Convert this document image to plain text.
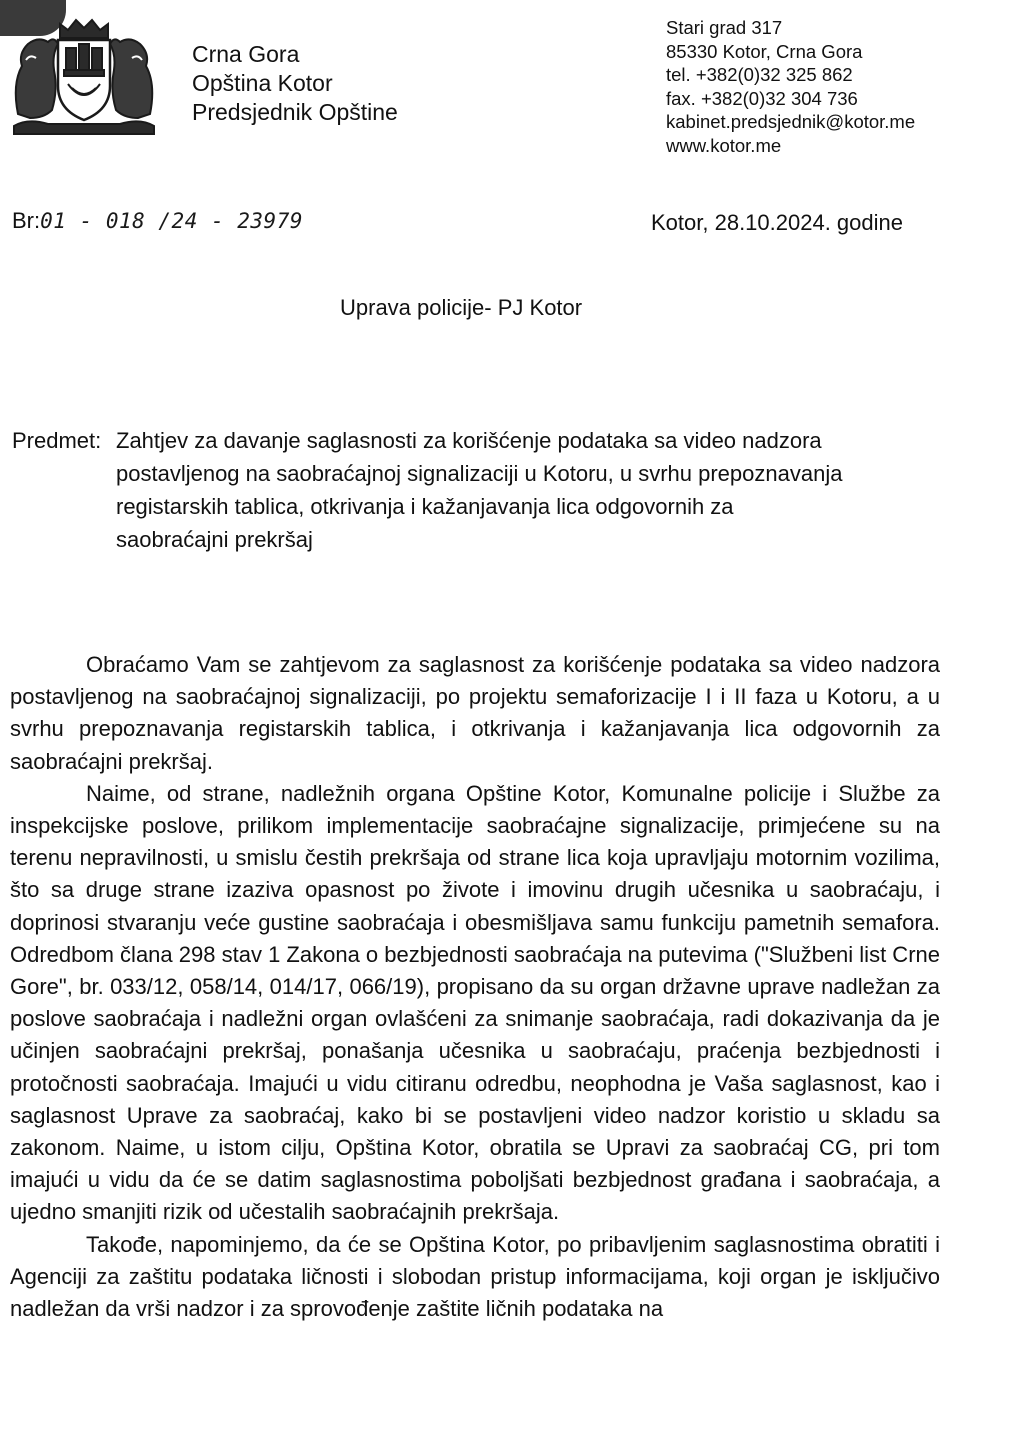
Crna Gora
Opština Kotor
Predsjednik Opštine
Stari grad 317
85330 Kotor, Crna Gora
tel. +382(0)32 325 862
fax. +382(0)32 304 736
kabinet.predsjednik@kotor.me
www.kotor.me
Br:01 - 018 /24 - 23979	Kotor, 28.10.2024. godine
Uprava policije- PJ Kotor
Predmet: Zahtjev za davanje saglasnosti za korišćenje podataka sa video nadzora
postavljenog na saobraćajnoj signalizaciji u Kotoru, u svrhu prepoznavanja
registarskih tablica, otkrivanja i kažanjavanja lica odgovornih za
saobraćajni prekršaj

Obraćamo Vam se zahtjevom za saglasnost za korišćenje podataka sa video nadzora postavljenog na saobraćajnoj signalizaciji, po projektu semaforizacije I i II faza u Kotoru, a u svrhu prepoznavanja registarskih tablica, i otkrivanja i kažanjavanja lica odgovornih za saobraćajni prekršaj.

Naime, od strane, nadležnih organa Opštine Kotor, Komunalne policije i Službe za inspekcijske poslove, prilikom implementacije saobraćajne signalizacije, primjećene su na terenu nepravilnosti, u smislu čestih prekršaja od strane lica koja upravljaju motornim vozilima, što sa druge strane izaziva opasnost po živote i imovinu drugih učesnika u saobraćaju, i doprinosi stvaranju veće gustine saobraćaja i obesmišljava samu funkciju pametnih semafora. Odredbom člana 298 stav 1 Zakona o bezbjednosti saobraćaja na putevima ("Službeni list Crne Gore", br. 033/12, 058/14, 014/17, 066/19), propisano da su organ državne uprave nadležan za poslove saobraćaja i nadležni organ ovlašćeni za snimanje saobraćaja, radi dokazivanja da je učinjen saobraćajni prekršaj, ponašanja učesnika u saobraćaju, praćenja bezbjednosti i protočnosti saobraćaja. Imajući u vidu citiranu odredbu, neophodna je Vaša saglasnost, kao i saglasnost Uprave za saobraćaj, kako bi se postavljeni video nadzor koristio u skladu sa zakonom. Naime, u istom cilju, Opština Kotor, obratila se Upravi za saobraćaj CG, pri tom imajući u vidu da će se datim saglasnostima poboljšati bezbjednost građana i saobraćaja, a ujedno smanjiti rizik od učestalih saobraćajnih prekršaja.

Takođe, napominjemo, da će se Opština Kotor, po pribavljenim saglasnostima obratiti i Agenciji za zaštitu podataka ličnosti i slobodan pristup informacijama, koji organ je isključivo nadležan da vrši nadzor i za sprovođenje zaštite ličnih podataka na
